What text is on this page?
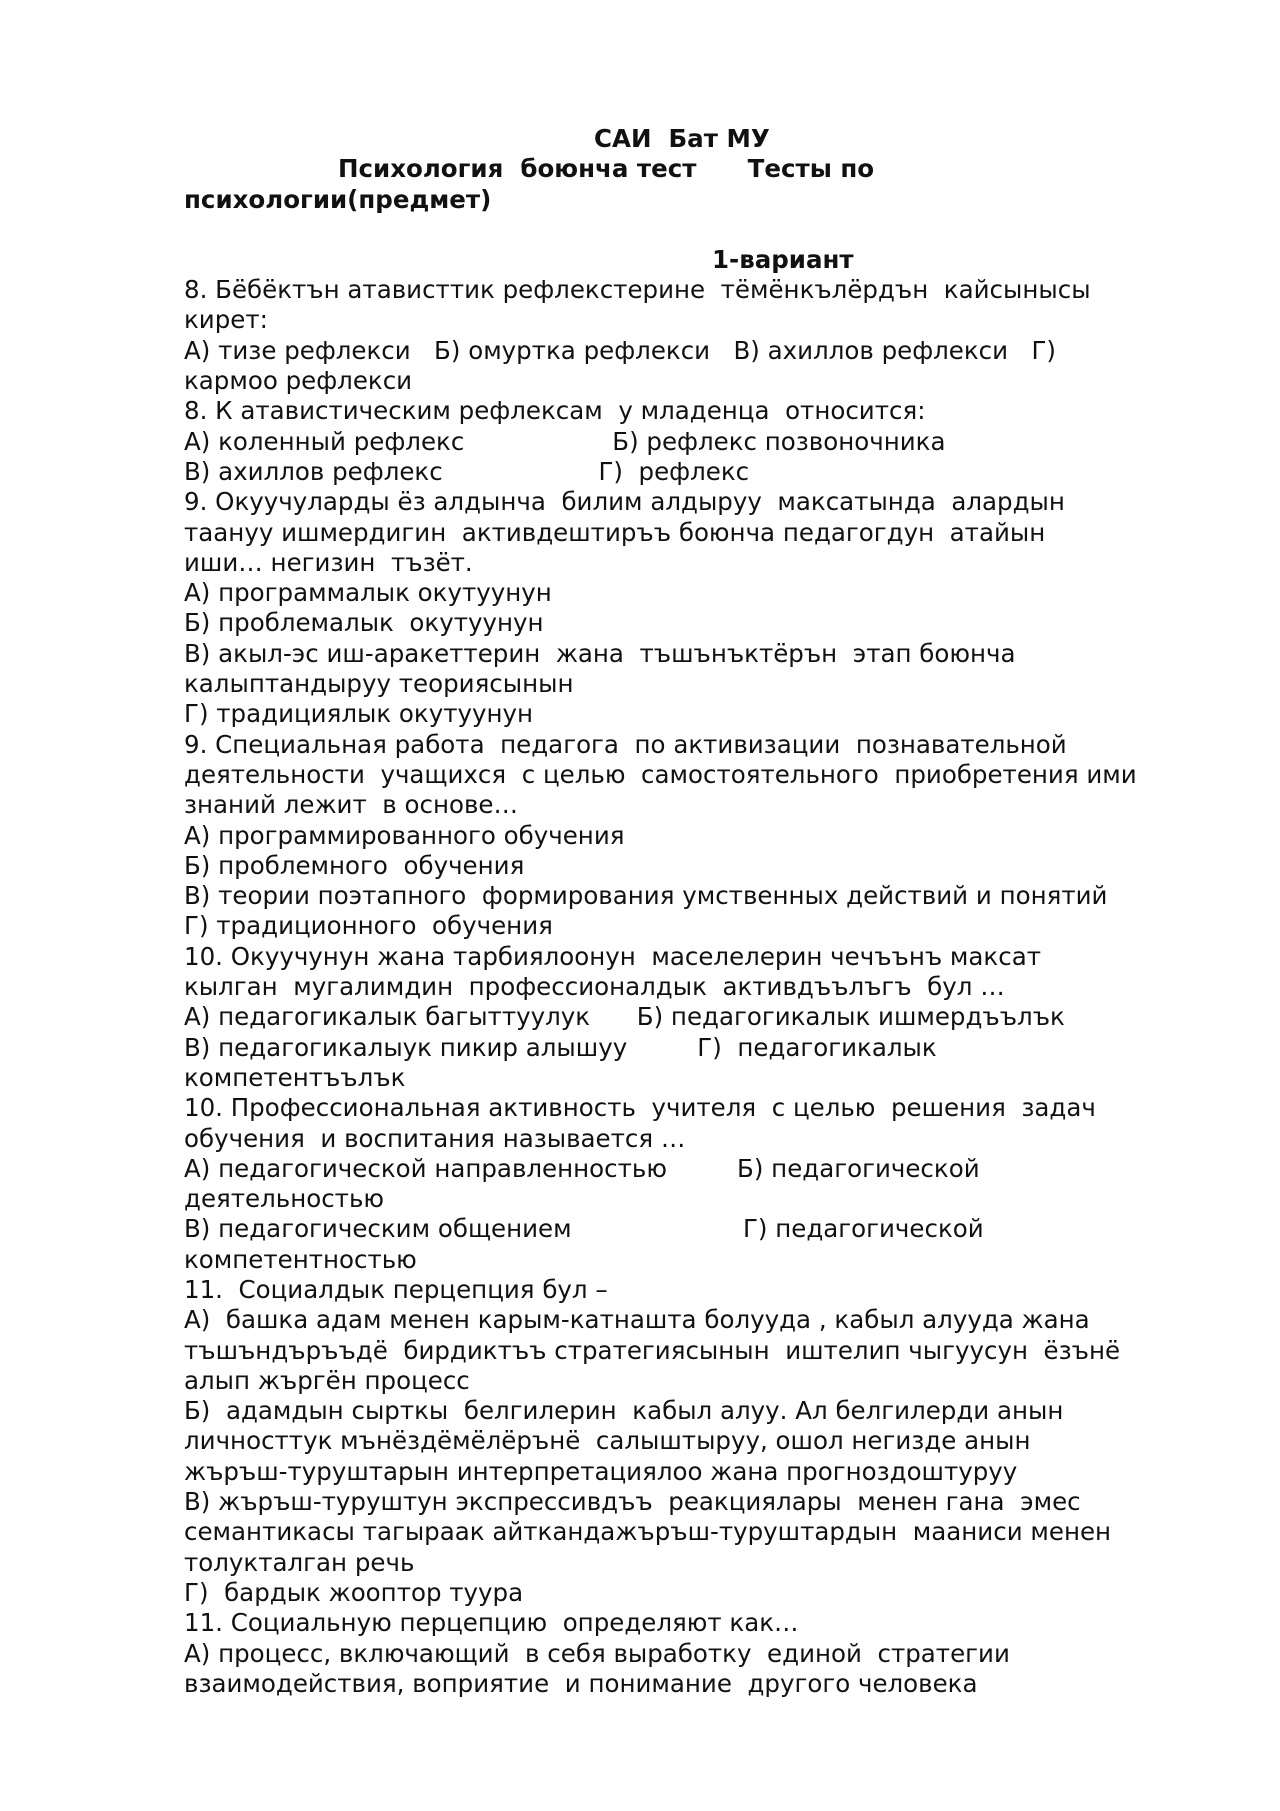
САИ  Бат МУ
Психология  боюнча тест      Тесты по
психологии(предмет)
1-вариант
8. Бёбёктън атависттик рефлекстерине  тёмёнкълёрдън  кайсынысы
кирет:
А) тизе рефлекси   Б) омуртка рефлекси   В) ахиллов рефлекси   Г)
кармоо рефлекси
8. К атавистическим рефлексам  у младенца  относится:
А) коленный рефлекс                   Б) рефлекс позвоночника
В) ахиллов рефлекс                    Г)  рефлекс
9. Окуучуларды ёз алдынча  билим алдыруу  максатында  алардын
таануу ишмердигин  активдештиръъ боюнча педагогдун  атайын
иши… негизин  тъзёт.
А) программалык окутуунун
Б) проблемалык  окутуунун
В) акыл-эс иш-аракеттерин  жана  тъшънъктёрън  этап боюнча
калыптандыруу теориясынын
Г) традициялык окутуунун
9. Специальная работа  педагога  по активизации  познавательной
деятельности  учащихся  с целью  самостоятельного  приобретения ими
знаний лежит  в основе…
А) программированного обучения
Б) проблемного  обучения
В) теории поэтапного  формирования умственных действий и понятий
Г) традиционного  обучения
10. Окуучунун жана тарбиялоонун  маселелерин чечъънъ максат
кылган  мугалимдин  профессионалдык  активдъълъгъ  бул …
А) педагогикалык багыттуулук      Б) педагогикалык ишмердъълък
В) педагогикалыук пикир алышуу         Г)  педагогикалык
компетентъълък
10. Профессиональная активность  учителя  с целью  решения  задач
обучения  и воспитания называется …
А) педагогической направленностью         Б) педагогической
деятельностью
В) педагогическим общением                      Г) педагогической
компетентностью
11.  Социалдык перцепция бул –
А)  башка адам менен карым-катнашта болууда , кабыл алууда жана
тъшъндъръъдё  бирдиктъъ стратегиясынын  иштелип чыгуусун  ёзънё
алып жъргён процесс
Б)  адамдын сырткы  белгилерин  кабыл алуу. Ал белгилерди анын
личносттук мънёздёмёлёрънё  салыштыруу, ошол негизде анын
жъръш-туруштарын интерпретациялоо жана прогноздоштуруу
В) жъръш-туруштун экспрессивдъъ  реакциялары  менен гана  эмес
семантикасы тагыраак айткандажъръш-туруштардын  мааниси менен
толукталган речь
Г)  бардык жооптор туура
11. Социальную перцепцию  определяют как…
А) процесс, включающий  в себя выработку  единой  стратегии
взаимодействия, воприятие  и понимание  другого человека
